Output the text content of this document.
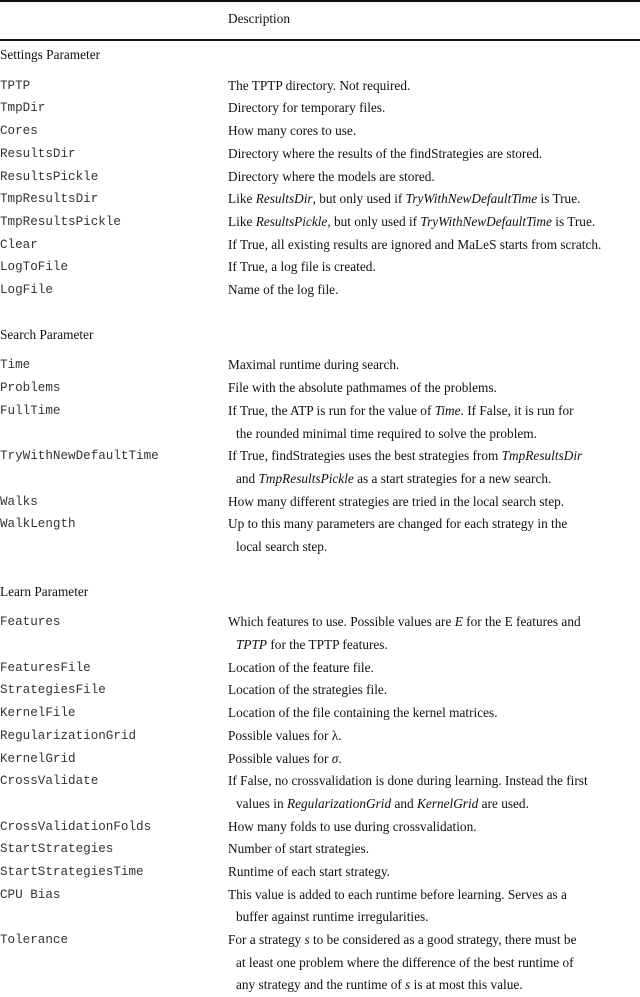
Description
Settings Parameter
TPTP	The TPTP directory. Not required.
TmpDir	Directory for temporary files.
Cores	How many cores to use.
ResultsDir	Directory where the results of the findStrategies are stored.
ResultsPickle	Directory where the models are stored.
TmpResultsDir	Like ResultsDir, but only used if TryWithNewDefaultTime is True.
TmpResultsPickle	Like ResultsPickle, but only used if TryWithNewDefaultTime is True.
Clear	If True, all existing results are ignored and MaLeS starts from scratch.
LogToFile	If True, a log file is created.
LogFile	Name of the log file.
Search Parameter
Time	Maximal runtime during search.
Problems	File with the absolute pathmames of the problems.
FullTime	If True, the ATP is run for the value of Time. If False, it is run for
the rounded minimal time required to solve the problem.
TryWithNewDefaultTime	If True, findStrategies uses the best strategies from TmpResultsDir
and TmpResultsPickle as a start strategies for a new search.
Walks	How many different strategies are tried in the local search step.
WalkLength	Up to this many parameters are changed for each strategy in the
local search step.
Learn Parameter
Features	Which features to use. Possible values are E for the E features and
TPTP for the TPTP features.
FeaturesFile	Location of the feature file.
StrategiesFile	Location of the strategies file.
KernelFile	Location of the file containing the kernel matrices.
RegularizationGrid	Possible values for λ.
KernelGrid	Possible values for σ.
CrossValidate	If False, no crossvalidation is done during learning. Instead the first
values in RegularizationGrid and KernelGrid are used.
CrossValidationFolds	How many folds to use during crossvalidation.
StartStrategies	Number of start strategies.
StartStrategiesTime	Runtime of each start strategy.
CPU Bias	This value is added to each runtime before learning. Serves as a
buffer against runtime irregularities.
Tolerance	For a strategy s to be considered as a good strategy, there must be
at least one problem where the difference of the best runtime of
any strategy and the runtime of s is at most this value.
